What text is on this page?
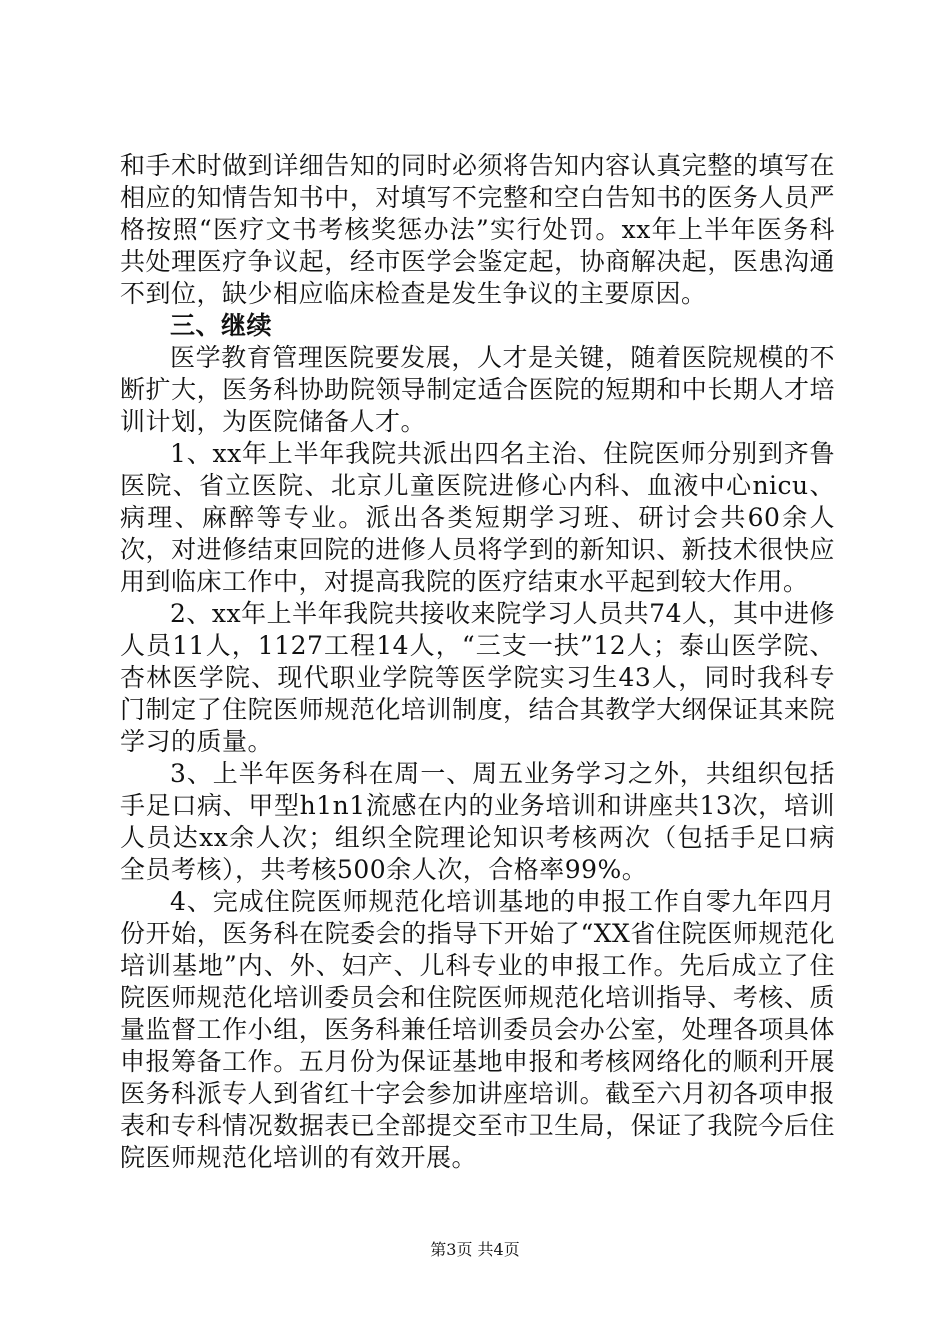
和手术时做到详细告知的同时必须将告知内容认真完整的填写在相应的知情告知书中，对填写不完整和空白告知书的医务人员严格按照“医疗文书考核奖惩办法”实行处罚。xx年上半年医务科共处理医疗争议起，经市医学会鉴定起，协商解决起，医患沟通不到位，缺少相应临床检查是发生争议的主要原因。

三、继续

医学教育管理医院要发展，人才是关键，随着医院规模的不断扩大，医务科协助院领导制定适合医院的短期和中长期人才培训计划，为医院储备人才。

1、xx年上半年我院共派出四名主治、住院医师分别到齐鲁医院、省立医院、北京儿童医院进修心内科、血液中心nicu、病理、麻醉等专业。派出各类短期学习班、研讨会共60余人次，对进修结束回院的进修人员将学到的新知识、新技术很快应用到临床工作中，对提高我院的医疗结束水平起到较大作用。

2、xx年上半年我院共接收来院学习人员共74人，其中进修人员11人，1127工程14人，“三支一扶”12人；泰山医学院、杏林医学院、现代职业学院等医学院实习生43人，同时我科专门制定了住院医师规范化培训制度，结合其教学大纲保证其来院学习的质量。

3、上半年医务科在周一、周五业务学习之外，共组织包括手足口病、甲型h1n1流感在内的业务培训和讲座共13次，培训人员达xx余人次；组织全院理论知识考核两次（包括手足口病全员考核），共考核500余人次，合格率99%。

4、完成住院医师规范化培训基地的申报工作自零九年四月份开始，医务科在院委会的指导下开始了“XX省住院医师规范化培训基地”内、外、妇产、儿科专业的申报工作。先后成立了住院医师规范化培训委员会和住院医师规范化培训指导、考核、质量监督工作小组，医务科兼任培训委员会办公室，处理各项具体申报筹备工作。五月份为保证基地申报和考核网络化的顺利开展医务科派专人到省红十字会参加讲座培训。截至六月初各项申报表和专科情况数据表已全部提交至市卫生局，保证了我院今后住院医师规范化培训的有效开展。

第3页 共4页
